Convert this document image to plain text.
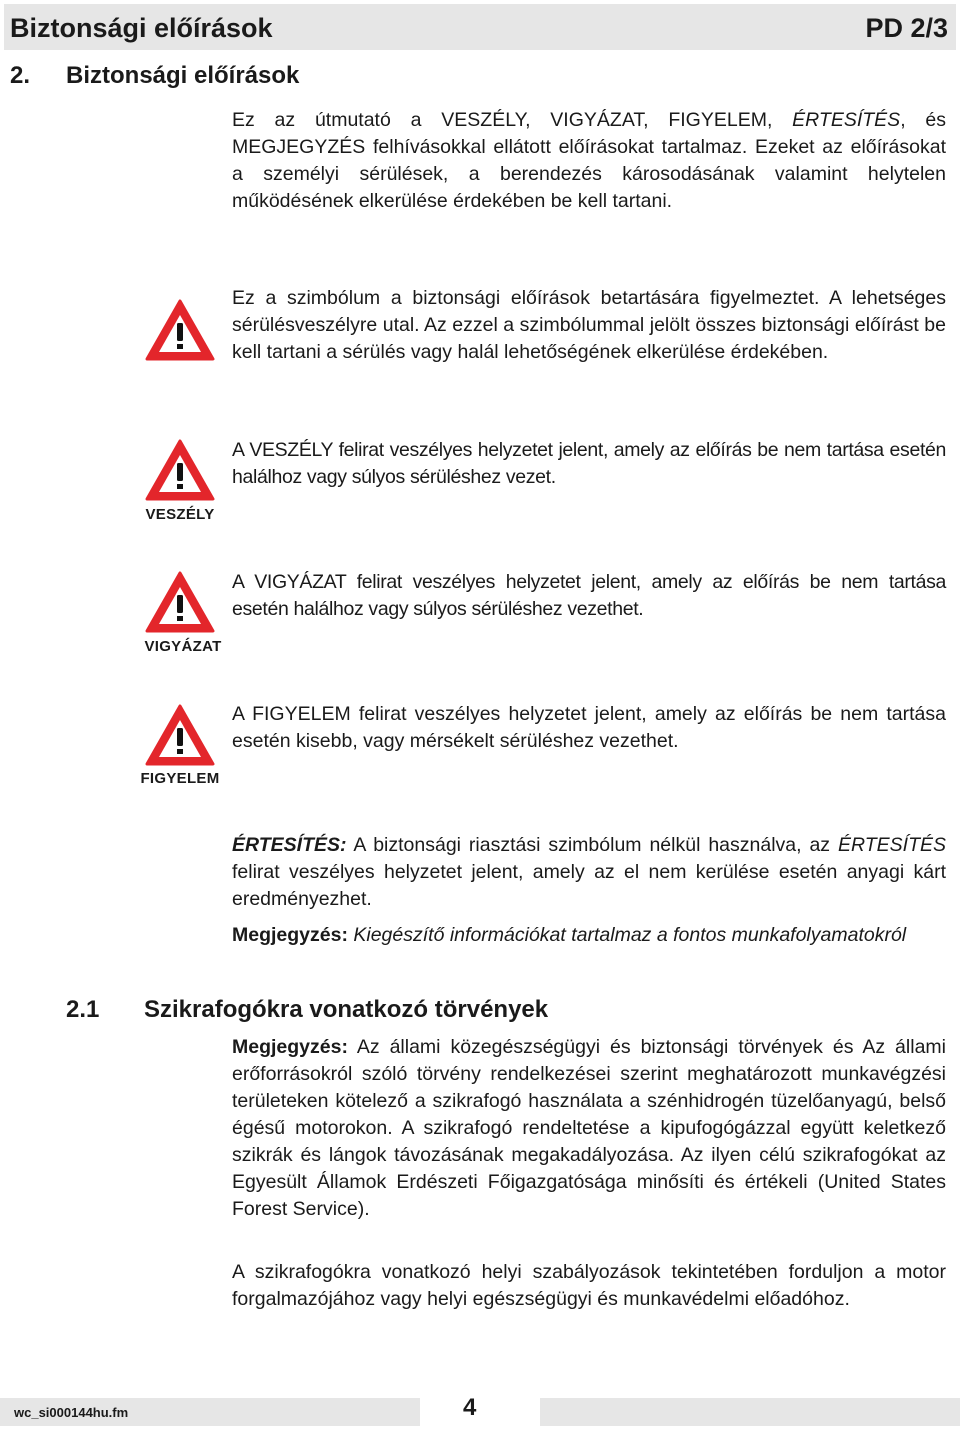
Biztonsági előírások	PD 2/3
2. Biztonsági előírások
Ez az útmutató a VESZÉLY, VIGYÁZAT, FIGYELEM, ÉRTESÍTÉS, és MEGJEGYZÉS felhívásokkal ellátott előírásokat tartalmaz. Ezeket az előírásokat a személyi sérülések, a berendezés károsodásának valamint helytelen működésének elkerülése érdekében be kell tartani.
Ez a szimbólum a biztonsági előírások betartására figyelmeztet. A lehetséges sérülésveszélyre utal. Az ezzel a szimbólummal jelölt összes biztonsági előírást be kell tartani a sérülés vagy halál lehetőségének elkerülése érdekében.
VESZÉLY
A VESZÉLY felirat veszélyes helyzetet jelent, amely az előírás be nem tartása esetén halálhoz vagy súlyos sérüléshez vezet.
VIGYÁZAT
A VIGYÁZAT felirat veszélyes helyzetet jelent, amely az előírás be nem tartása esetén halálhoz vagy súlyos sérüléshez vezethet.
FIGYELEM
A FIGYELEM felirat veszélyes helyzetet jelent, amely az előírás be nem tartása esetén kisebb, vagy mérsékelt sérüléshez vezethet.
ÉRTESÍTÉS: A biztonsági riasztási szimbólum nélkül használva, az ÉRTESÍTÉS felirat veszélyes helyzetet jelent, amely az el nem kerülése esetén anyagi kárt eredményezhet.
Megjegyzés: Kiegészítő információkat tartalmaz a fontos munkafolyamatokról
2.1 Szikrafogókra vonatkozó törvények
Megjegyzés: Az állami közegészségügyi és biztonsági törvények és Az állami erőforrásokról szóló törvény rendelkezései szerint meghatározott munkavégzési területeken kötelező a szikrafogó használata a szénhidrogén tüzelőanyagú, belső égésű motorokon. A szikrafogó rendeltetése a kipufogógázzal együtt keletkező szikrák és lángok távozásának megakadályozása. Az ilyen célú szikrafogókat az Egyesült Államok Erdészeti Főigazgatósága minősíti és értékeli (United States Forest Service).
A szikrafogókra vonatkozó helyi szabályozások tekintetében forduljon a motor forgalmazójához vagy helyi egészségügyi és munkavédelmi előadóhoz.
wc_si000144hu.fm	4
